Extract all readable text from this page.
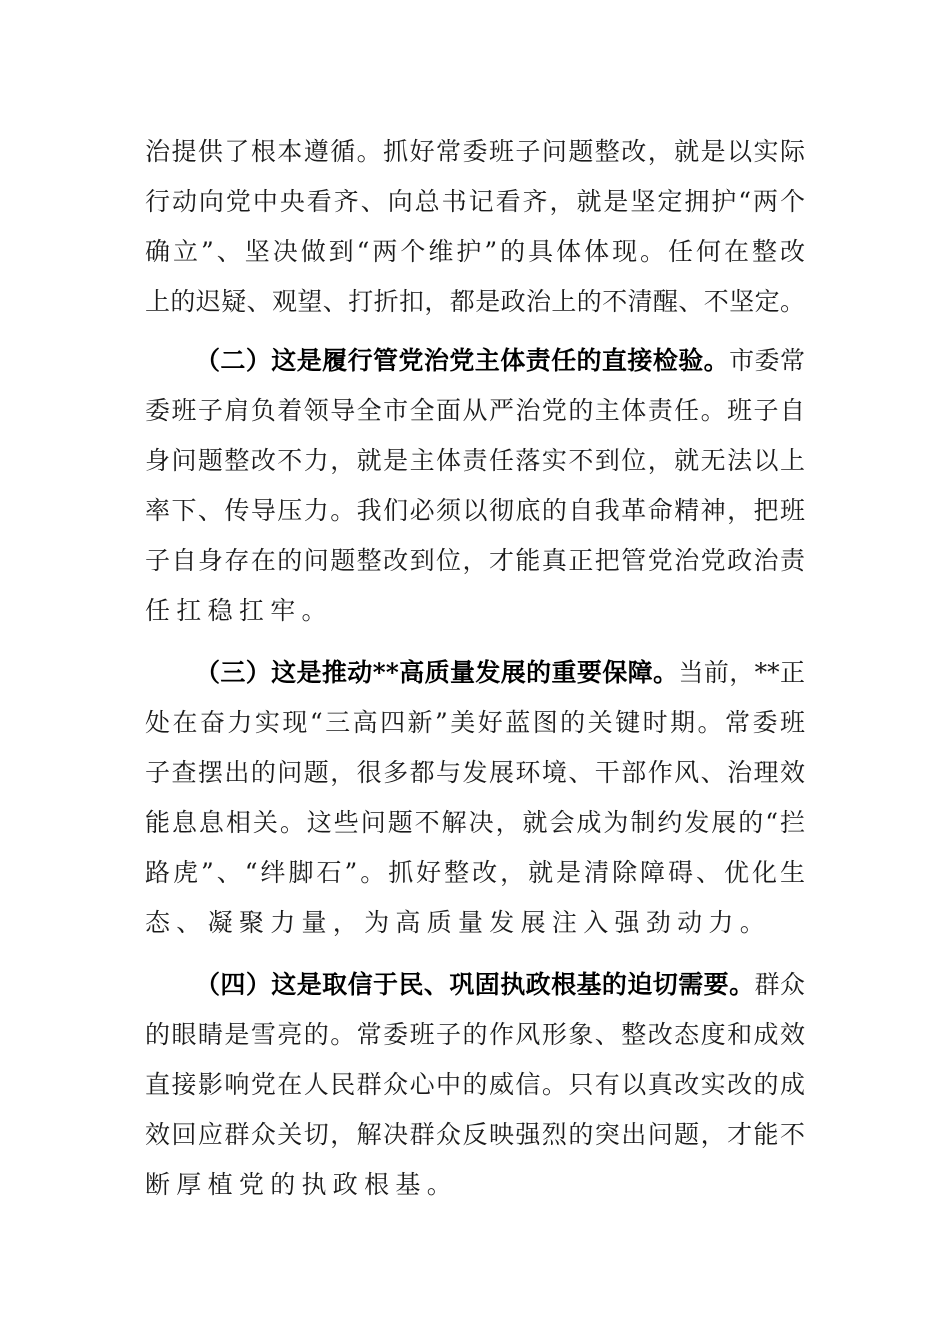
治提供了根本遵循。抓好常委班子问题整改，就是以实际
行动向党中央看齐、向总书记看齐，就是坚定拥护“两个
确立”、坚决做到“两个维护”的具体体现。任何在整改
上的迟疑、观望、打折扣，都是政治上的不清醒、不坚定。
（二）这是履行管党治党主体责任的直接检验。市委常
委班子肩负着领导全市全面从严治党的主体责任。班子自
身问题整改不力，就是主体责任落实不到位，就无法以上
率下、传导压力。我们必须以彻底的自我革命精神，把班
子自身存在的问题整改到位，才能真正把管党治党政治责
任扛稳扛牢。
（三）这是推动**高质量发展的重要保障。当前，**正
处在奋力实现“三高四新”美好蓝图的关键时期。常委班
子查摆出的问题，很多都与发展环境、干部作风、治理效
能息息相关。这些问题不解决，就会成为制约发展的“拦
路虎”、“绊脚石”。抓好整改，就是清除障碍、优化生
态、凝聚力量，为高质量发展注入强劲动力。
（四）这是取信于民、巩固执政根基的迫切需要。群众
的眼睛是雪亮的。常委班子的作风形象、整改态度和成效
直接影响党在人民群众心中的威信。只有以真改实改的成
效回应群众关切，解决群众反映强烈的突出问题，才能不
断厚植党的执政根基。
